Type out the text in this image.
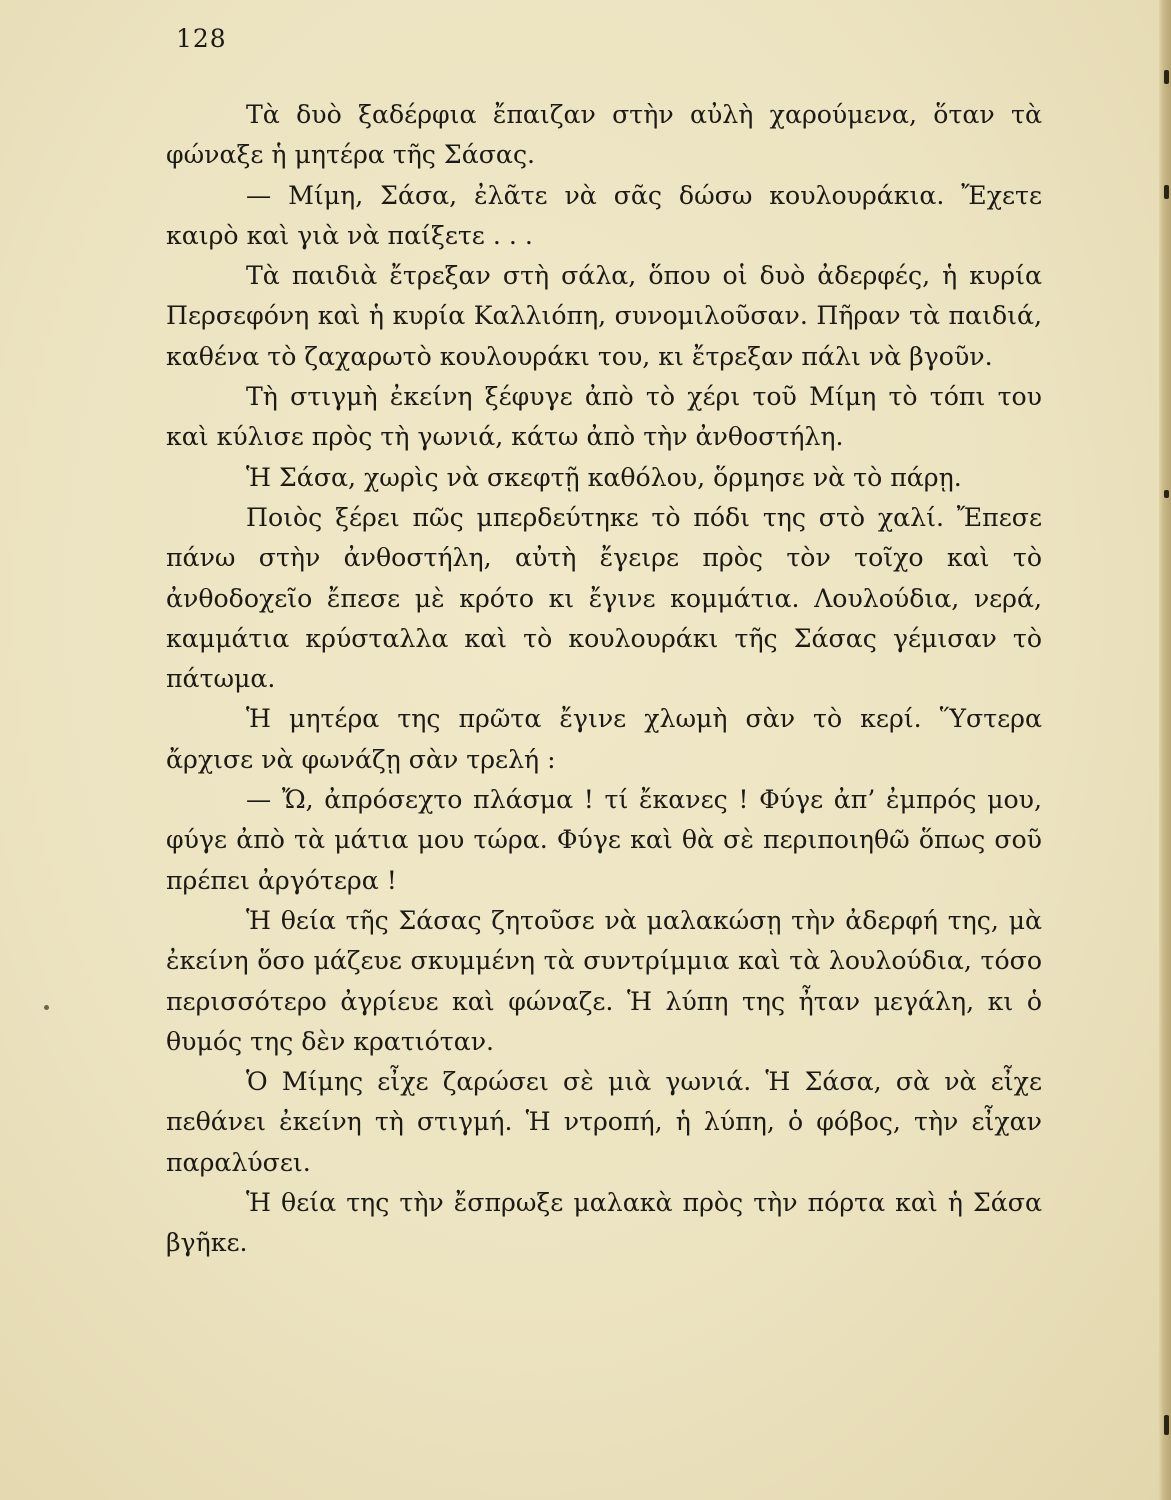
128

Τὰ δυὸ ξαδέρφια ἔπαιζαν στὴν αὐλὴ χαρούμενα, ὅταν τὰ φώναξε ἡ μητέρα τῆς Σάσας.

— Μίμη, Σάσα, ἐλᾶτε νὰ σᾶς δώσω κουλουράκια. Ἔχετε καιρὸ καὶ γιὰ νὰ παίξετε . . .

Τὰ παιδιὰ ἔτρεξαν στὴ σάλα, ὅπου οἱ δυὸ ἀδερφές, ἡ κυρία Περσεφόνη καὶ ἡ κυρία Καλλιόπη, συνομιλοῦσαν. Πῆραν τὰ παιδιά, καθένα τὸ ζαχαρωτὸ κουλουράκι του, κι ἔτρεξαν πάλι νὰ βγοῦν.

Τὴ στιγμὴ ἐκείνη ξέφυγε ἀπὸ τὸ χέρι τοῦ Μίμη τὸ τόπι του καὶ κύλισε πρὸς τὴ γωνιά, κάτω ἀπὸ τὴν ἀνθοστήλη.

Ἡ Σάσα, χωρὶς νὰ σκεφτῇ καθόλου, ὅρμησε νὰ τὸ πάρῃ.

Ποιὸς ξέρει πῶς μπερδεύτηκε τὸ πόδι της στὸ χαλί. Ἔπεσε πάνω στὴν ἀνθοστήλη, αὐτὴ ἔγειρε πρὸς τὸν τοῖχο καὶ τὸ ἀνθοδοχεῖο ἔπεσε μὲ κρότο κι ἔγινε κομμάτια. Λουλούδια, νερά, καμμάτια κρύσταλλα καὶ τὸ κουλουράκι τῆς Σάσας γέμισαν τὸ πάτωμα.

Ἡ μητέρα της πρῶτα ἔγινε χλωμὴ σὰν τὸ κερί. Ὕστερα ἄρχισε νὰ φωνάζῃ σὰν τρελή :

— Ὤ, ἀπρόσεχτο πλάσμα ! τί ἔκανες ! Φύγε ἀπ’ ἐμπρός μου, φύγε ἀπὸ τὰ μάτια μου τώρα. Φύγε καὶ θὰ σὲ περιποιηθῶ ὅπως σοῦ πρέπει ἀργότερα !

Ἡ θεία τῆς Σάσας ζητοῦσε νὰ μαλακώσῃ τὴν ἀδερφή της, μὰ ἐκείνη ὅσο μάζευε σκυμμένη τὰ συντρίμμια καὶ τὰ λουλούδια, τόσο περισσότερο ἀγρίευε καὶ φώναζε. Ἡ λύπη της ἦταν μεγάλη, κι ὁ θυμός της δὲν κρατιόταν.

Ὁ Μίμης εἶχε ζαρώσει σὲ μιὰ γωνιά. Ἡ Σάσα, σὰ νὰ εἶχε πεθάνει ἐκείνη τὴ στιγμή. Ἡ ντροπή, ἡ λύπη, ὁ φόβος, τὴν εἶχαν παραλύσει.

Ἡ θεία της τὴν ἔσπρωξε μαλακὰ πρὸς τὴν πόρτα καὶ ἡ Σάσα βγῆκε.
